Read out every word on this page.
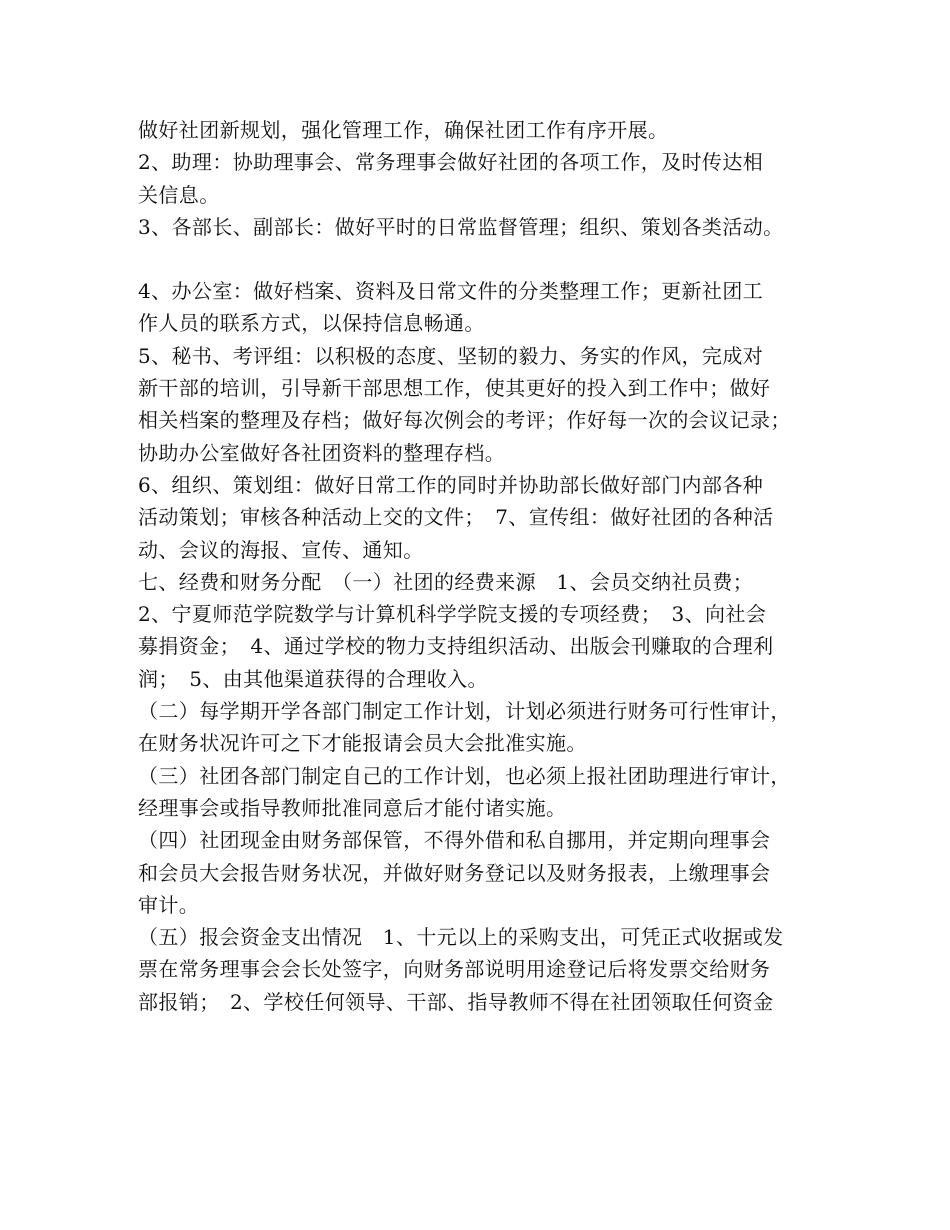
做好社团新规划，强化管理工作，确保社团工作有序开展。
2、助理：协助理事会、常务理事会做好社团的各项工作，及时传达相
关信息。
3、各部长、副部长：做好平时的日常监督管理；组织、策划各类活动。
4、办公室：做好档案、资料及日常文件的分类整理工作；更新社团工
作人员的联系方式，以保持信息畅通。
5、秘书、考评组：以积极的态度、坚韧的毅力、务实的作风，完成对
新干部的培训，引导新干部思想工作，使其更好的投入到工作中；做好
相关档案的整理及存档；做好每次例会的考评；作好每一次的会议记录；
协助办公室做好各社团资料的整理存档。
6、组织、策划组：做好日常工作的同时并协助部长做好部门内部各种
活动策划；审核各种活动上交的文件；　7、宣传组：做好社团的各种活
动、会议的海报、宣传、通知。
七、经费和财务分配　（一）社团的经费来源　1、会员交纳社员费；
2、宁夏师范学院数学与计算机科学学院支援的专项经费；　3、向社会
募捐资金；　4、通过学校的物力支持组织活动、出版会刊赚取的合理利
润；　5、由其他渠道获得的合理收入。
（二）每学期开学各部门制定工作计划，计划必须进行财务可行性审计，
在财务状况许可之下才能报请会员大会批准实施。
（三）社团各部门制定自己的工作计划，也必须上报社团助理进行审计，
经理事会或指导教师批准同意后才能付诸实施。
（四）社团现金由财务部保管，不得外借和私自挪用，并定期向理事会
和会员大会报告财务状况，并做好财务登记以及财务报表，上缴理事会
审计。
（五）报会资金支出情况　1、十元以上的采购支出，可凭正式收据或发
票在常务理事会会长处签字，向财务部说明用途登记后将发票交给财务
部报销；　2、学校任何领导、干部、指导教师不得在社团领取任何资金
